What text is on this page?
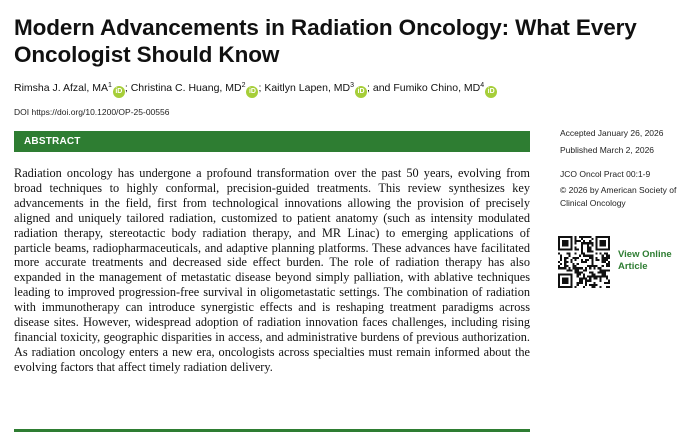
Modern Advancements in Radiation Oncology: What Every Oncologist Should Know
Rimsha J. Afzal, $MA^1iD$ ; Christina C. Huang, $MD^2iD$ ; Kaitlyn Lapen, $MD^3iD$ ; and Fumiko Chino, $MD^4iD$
DOI https://doi.org/10.1200/OP-25-00556
ABSTRACT

Radiation oncology has undergone a profound transformation over the past 50 years, evolving from broad techniques to highly conformal, precision-guided treatments. This review synthesizes key advancements in the field, first from technological innovations allowing the provision of precisely aligned and uniquely tailored radiation, customized to patient anatomy (such as intensity modulated radiation therapy, stereotactic body radiation therapy, and MR Linac) to emerging applications of particle beams, radiopharmaceuticals, and adaptive planning platforms. These advances have facilitated more accurate treatments and decreased side effect burden. The role of radiation therapy has also expanded in the management of metastatic disease beyond simply palliation, with ablative techniques leading to improved progression-free survival in oligometastatic settings. The combination of radiation with immunotherapy can introduce synergistic effects and is reshaping treatment paradigms across disease sites. However, widespread adoption of radiation innovation faces challenges, including rising financial toxicity, geographic disparities in access, and administrative burdens of previous authorization. As radiation oncology enters a new era, oncologists across specialties must remain informed about the evolving factors that affect timely radiation delivery.

Accepted January 26, 2026
Published March 2, 2026
JCO Oncol Pract 00:1-9
© 2026 by American Society of Clinical Oncology
View Online Article
